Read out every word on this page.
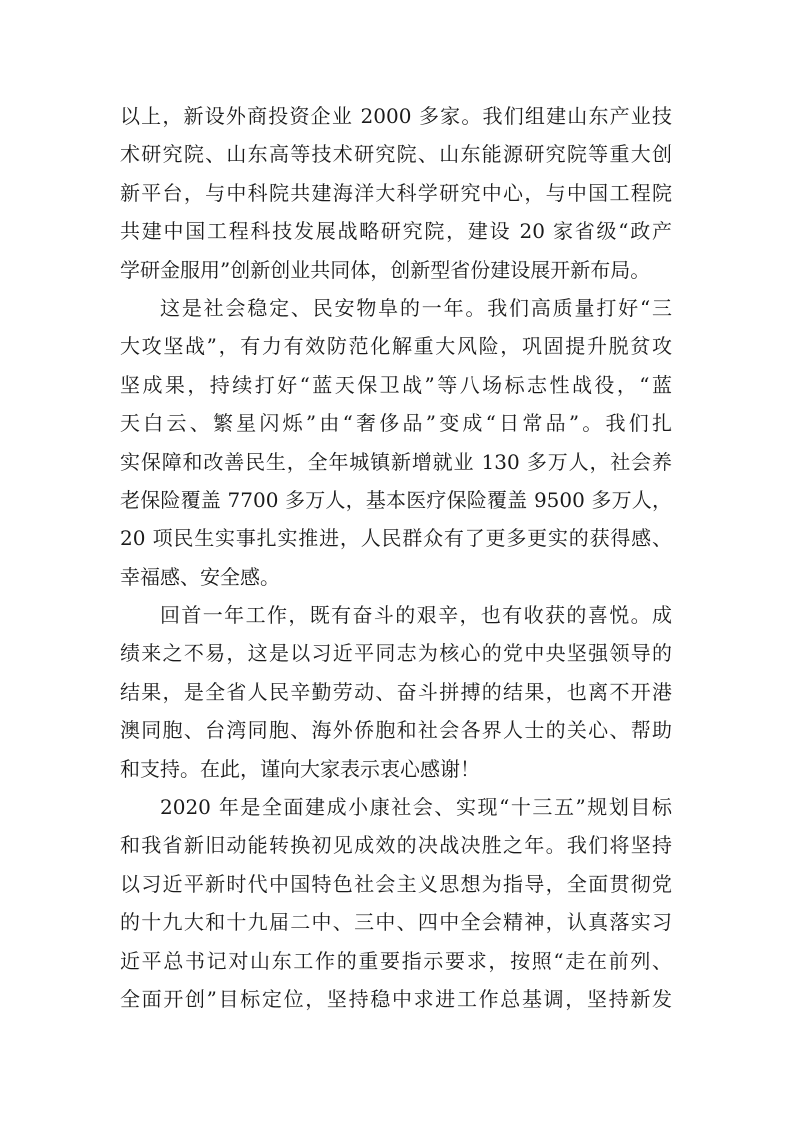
以上，新设外商投资企业 2000 多家。我们组建山东产业技
术研究院、山东高等技术研究院、山东能源研究院等重大创
新平台，与中科院共建海洋大科学研究中心，与中国工程院
共建中国工程科技发展战略研究院，建设 20 家省级“政产
学研金服用”创新创业共同体，创新型省份建设展开新布局。
这是社会稳定、民安物阜的一年。我们高质量打好“三
大攻坚战”，有力有效防范化解重大风险，巩固提升脱贫攻
坚成果，持续打好“蓝天保卫战”等八场标志性战役，“蓝
天白云、繁星闪烁”由“奢侈品”变成“日常品”。我们扎
实保障和改善民生，全年城镇新增就业 130 多万人，社会养
老保险覆盖 7700 多万人，基本医疗保险覆盖 9500 多万人，
20 项民生实事扎实推进，人民群众有了更多更实的获得感、
幸福感、安全感。
回首一年工作，既有奋斗的艰辛，也有收获的喜悦。成
绩来之不易，这是以习近平同志为核心的党中央坚强领导的
结果，是全省人民辛勤劳动、奋斗拼搏的结果，也离不开港
澳同胞、台湾同胞、海外侨胞和社会各界人士的关心、帮助
和支持。在此，谨向大家表示衷心感谢！
2020 年是全面建成小康社会、实现“十三五”规划目标
和我省新旧动能转换初见成效的决战决胜之年。我们将坚持
以习近平新时代中国特色社会主义思想为指导，全面贯彻党
的十九大和十九届二中、三中、四中全会精神，认真落实习
近平总书记对山东工作的重要指示要求，按照“走在前列、
全面开创”目标定位，坚持稳中求进工作总基调，坚持新发
